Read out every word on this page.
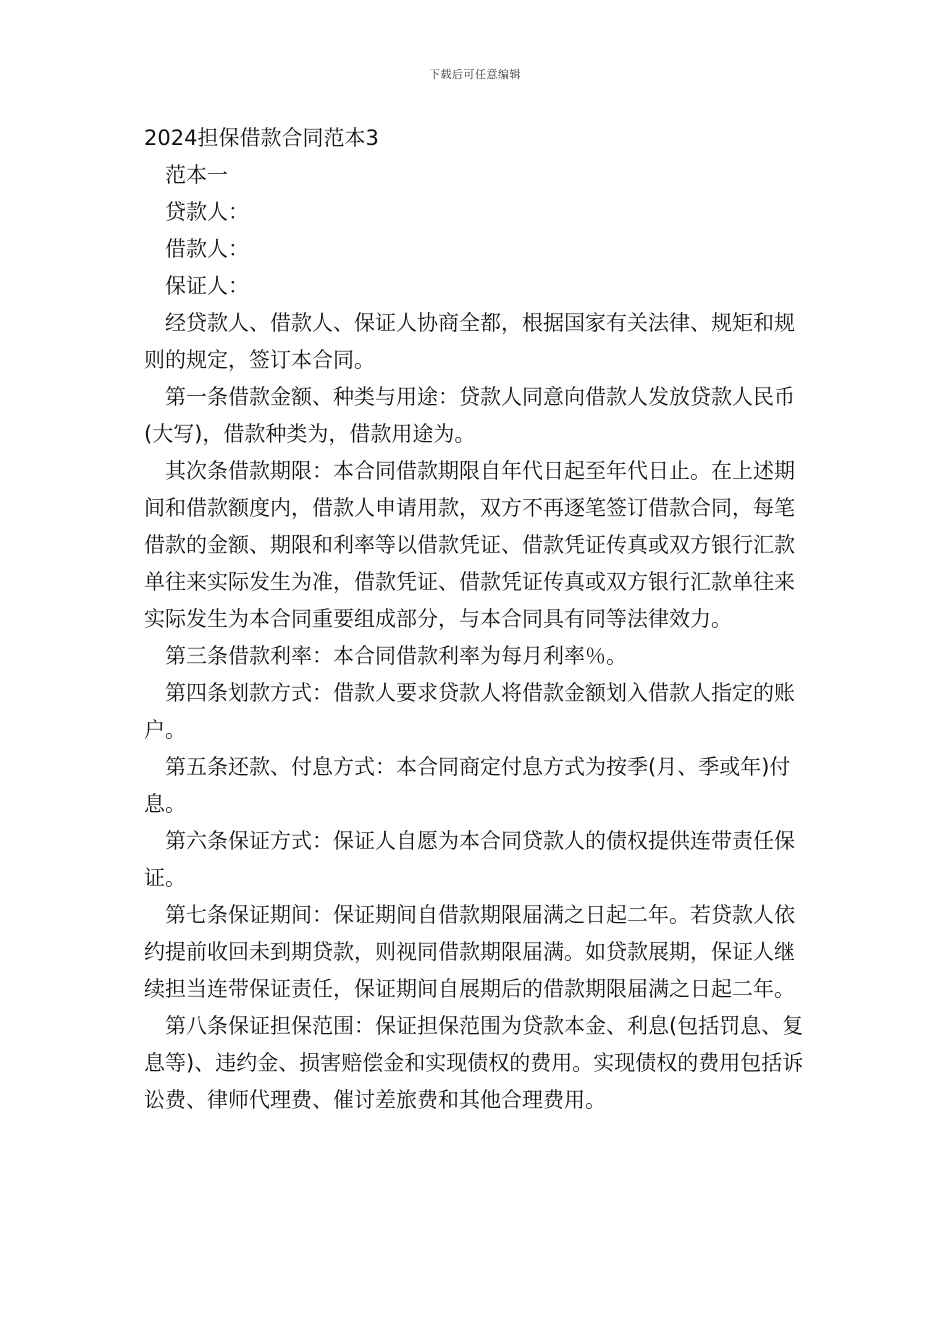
下载后可任意编辑
2024担保借款合同范本3

范本一

贷款人：

借款人：

保证人：

经贷款人、借款人、保证人协商全都，根据国家有关法律、规矩和规则的规定，签订本合同。

第一条借款金额、种类与用途：贷款人同意向借款人发放贷款人民币(大写)，借款种类为，借款用途为。

其次条借款期限：本合同借款期限自年代日起至年代日止。在上述期间和借款额度内，借款人申请用款，双方不再逐笔签订借款合同，每笔借款的金额、期限和利率等以借款凭证、借款凭证传真或双方银行汇款单往来实际发生为准，借款凭证、借款凭证传真或双方银行汇款单往来实际发生为本合同重要组成部分，与本合同具有同等法律效力。

第三条借款利率：本合同借款利率为每月利率％。

第四条划款方式：借款人要求贷款人将借款金额划入借款人指定的账户。

第五条还款、付息方式：本合同商定付息方式为按季(月、季或年)付息。

第六条保证方式：保证人自愿为本合同贷款人的债权提供连带责任保证。

第七条保证期间：保证期间自借款期限届满之日起二年。若贷款人依约提前收回未到期贷款，则视同借款期限届满。如贷款展期，保证人继续担当连带保证责任，保证期间自展期后的借款期限届满之日起二年。

第八条保证担保范围：保证担保范围为贷款本金、利息(包括罚息、复息等)、违约金、损害赔偿金和实现债权的费用。实现债权的费用包括诉讼费、律师代理费、催讨差旅费和其他合理费用。
